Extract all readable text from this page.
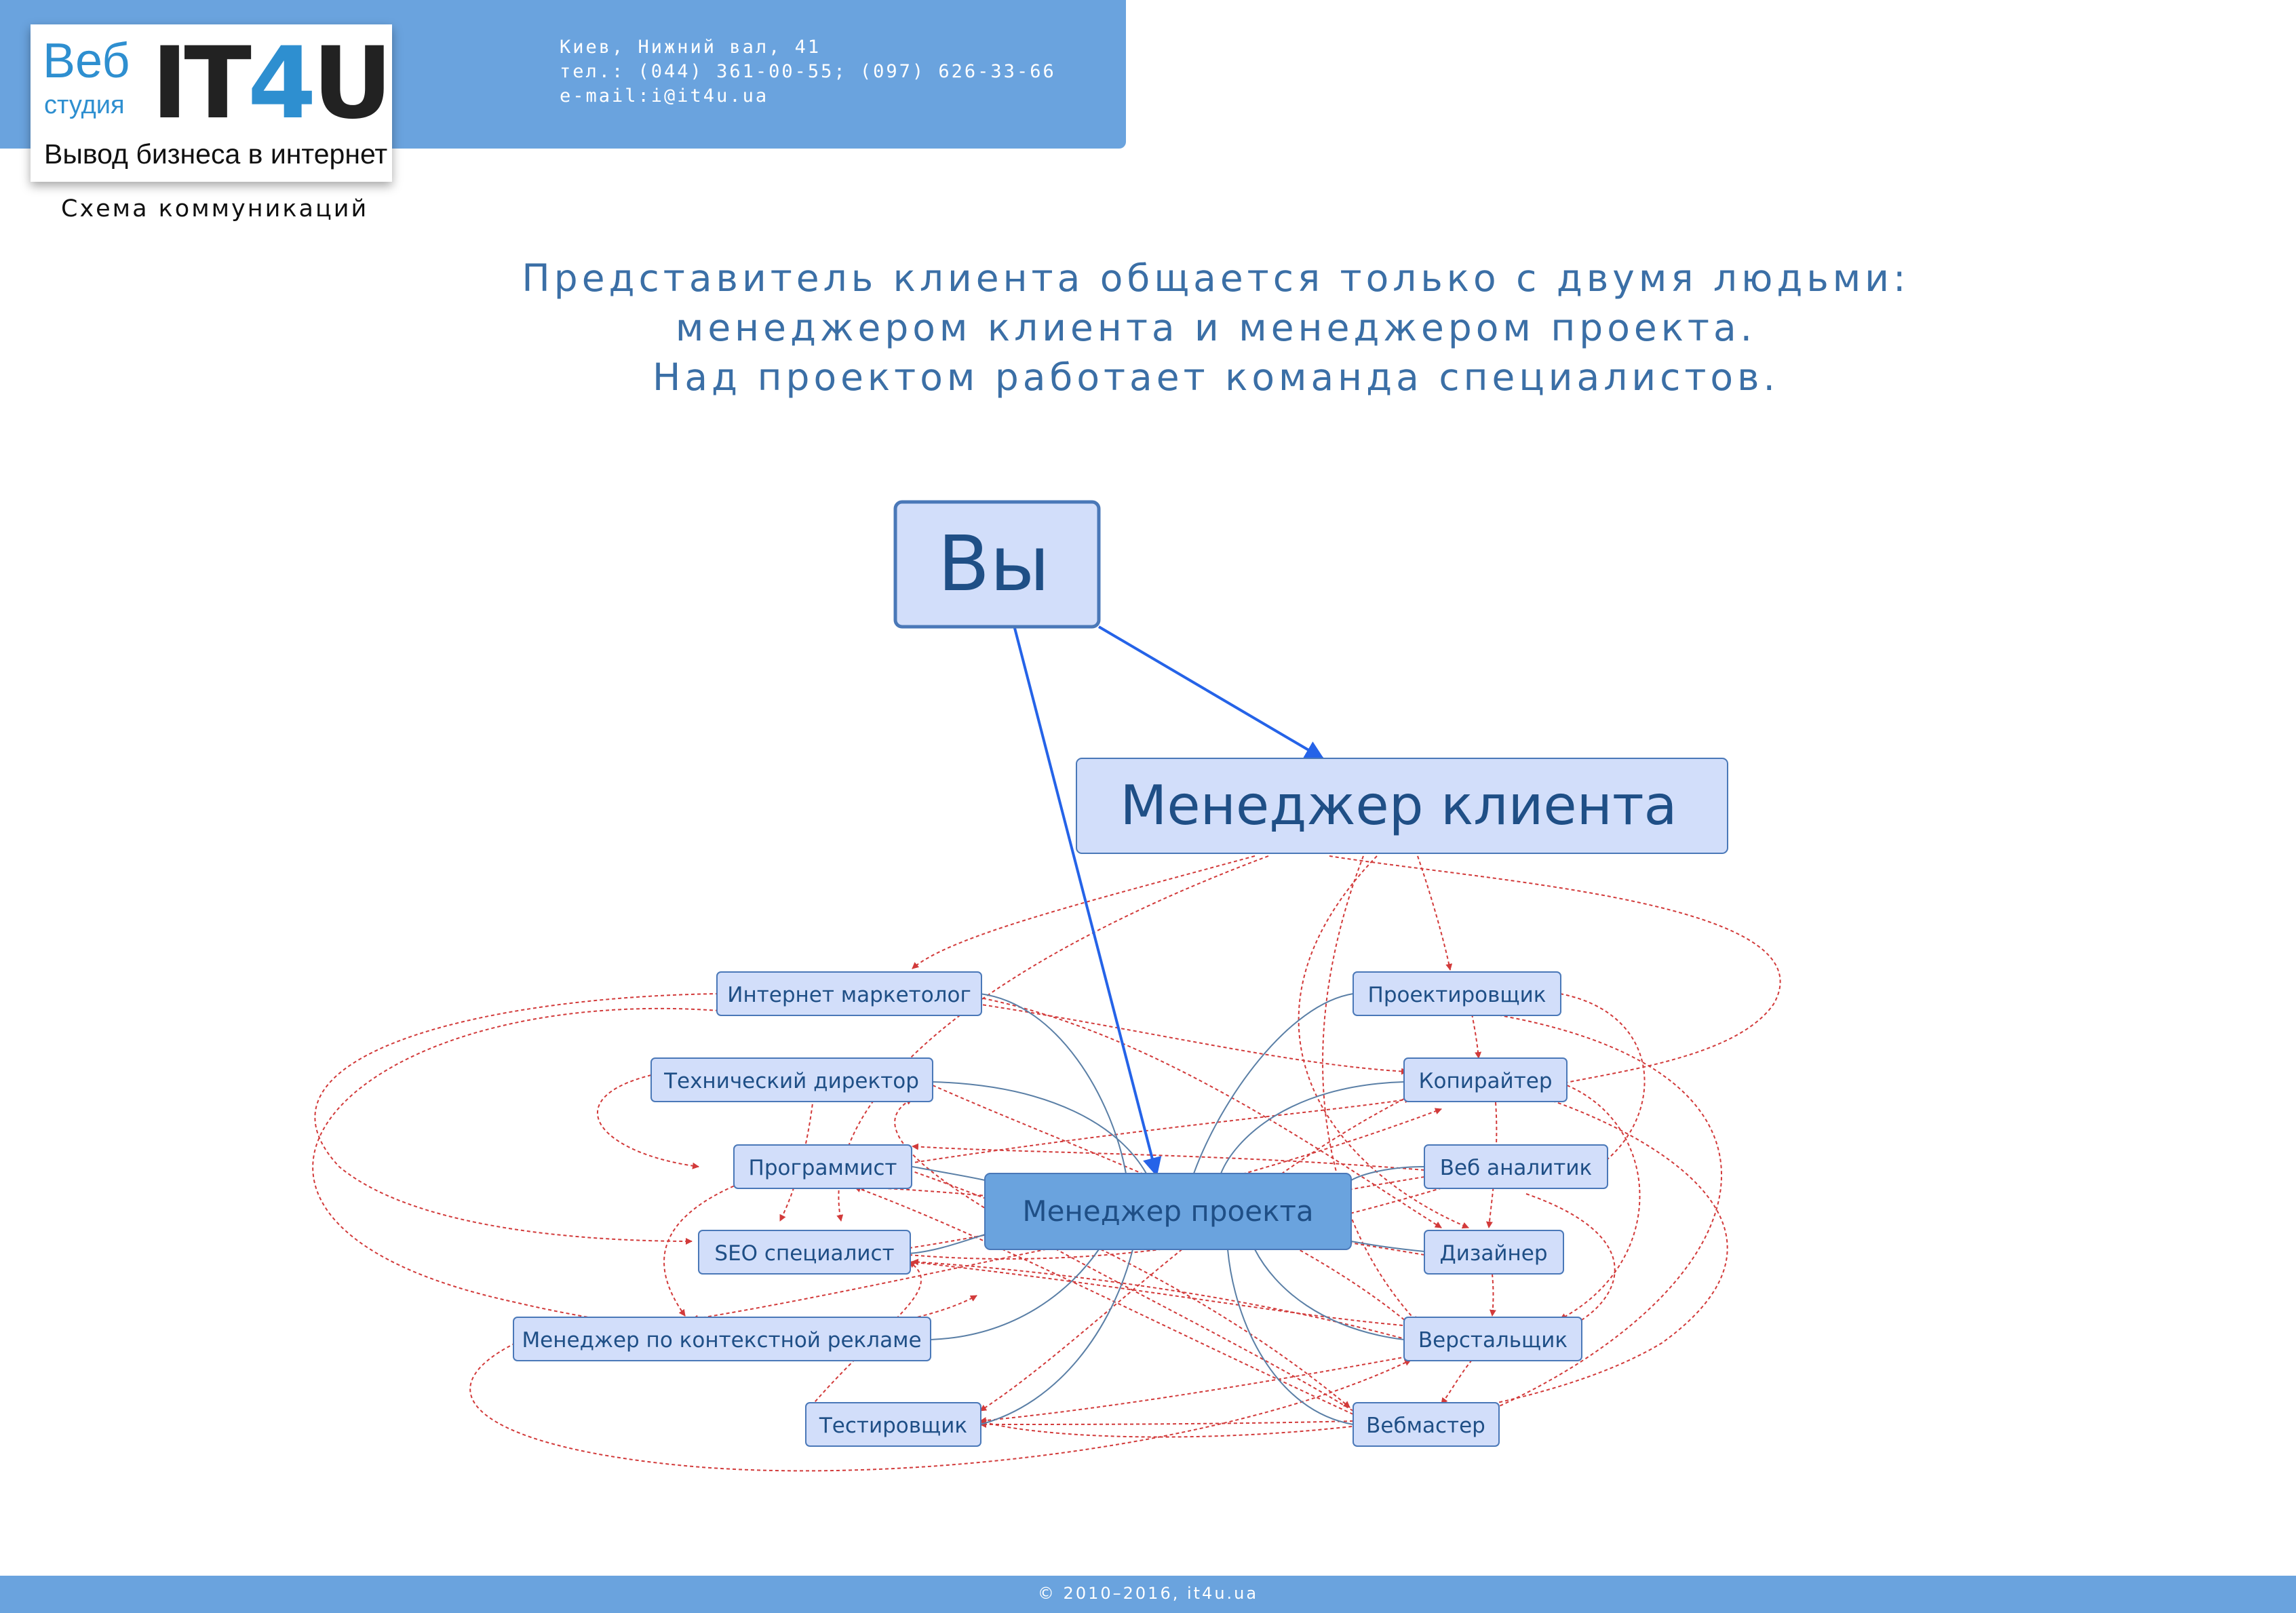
Веб
студия IT4U
Вывод бизнеса в интернет
Схема коммуникаций
Киев, Нижний вал, 41
тел.: (044) 361-00-55; (097) 626-33-66
e-mail:i@it4u.ua
Представитель клиента общается только с двумя людьми:
менеджером клиента и менеджером проекта.
Над проектом работает команда специалистов.
Вы
Менеджер клиента
Менеджер проекта
Интернет маркетолог
Технический директор
Программист
SEO специалист
Менеджер по контекстной рекламе
Тестировщик
Проектировщик
Копирайтер
Веб аналитик
Дизайнер
Верстальщик
Вебмастер
© 2010–2016, it4u.ua
